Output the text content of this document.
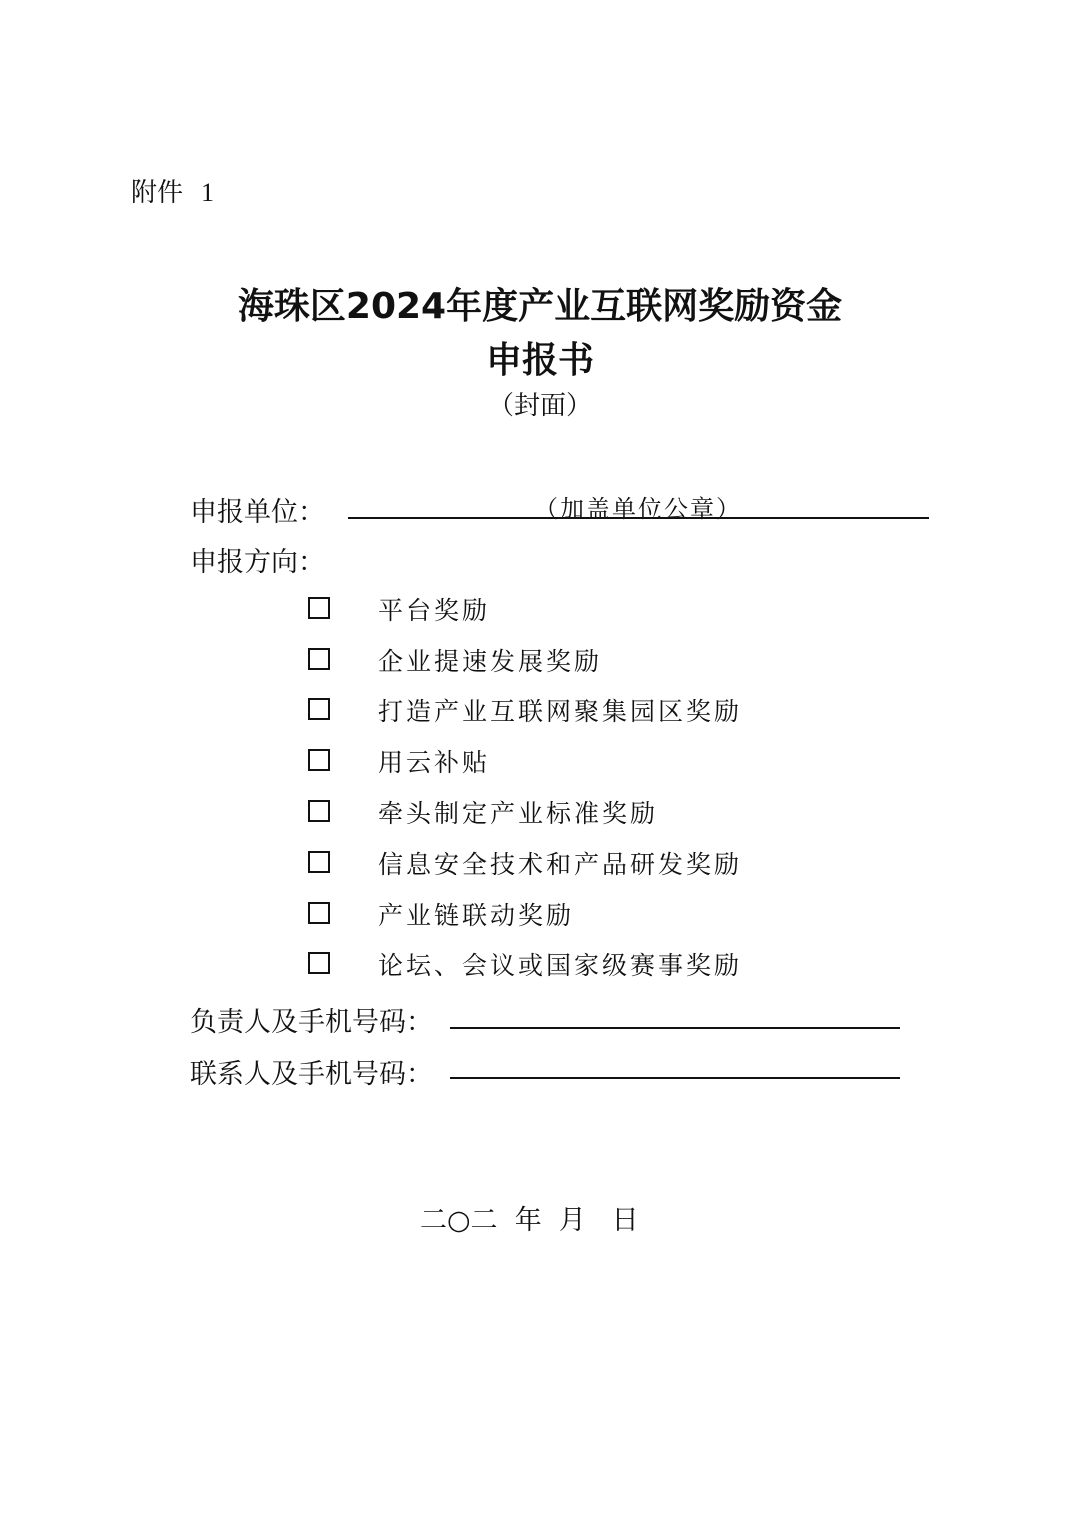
附件 1
海珠区2024年度产业互联网奖励资金
申报书
（封面）
申报单位：	（加盖单位公章）
申报方向：
平台奖励
企业提速发展奖励
打造产业互联网聚集园区奖励
用云补贴
牵头制定产业标准奖励
信息安全技术和产品研发奖励
产业链联动奖励
论坛、会议或国家级赛事奖励
负责人及手机号码：
联系人及手机号码：
二○二  年  月   日
